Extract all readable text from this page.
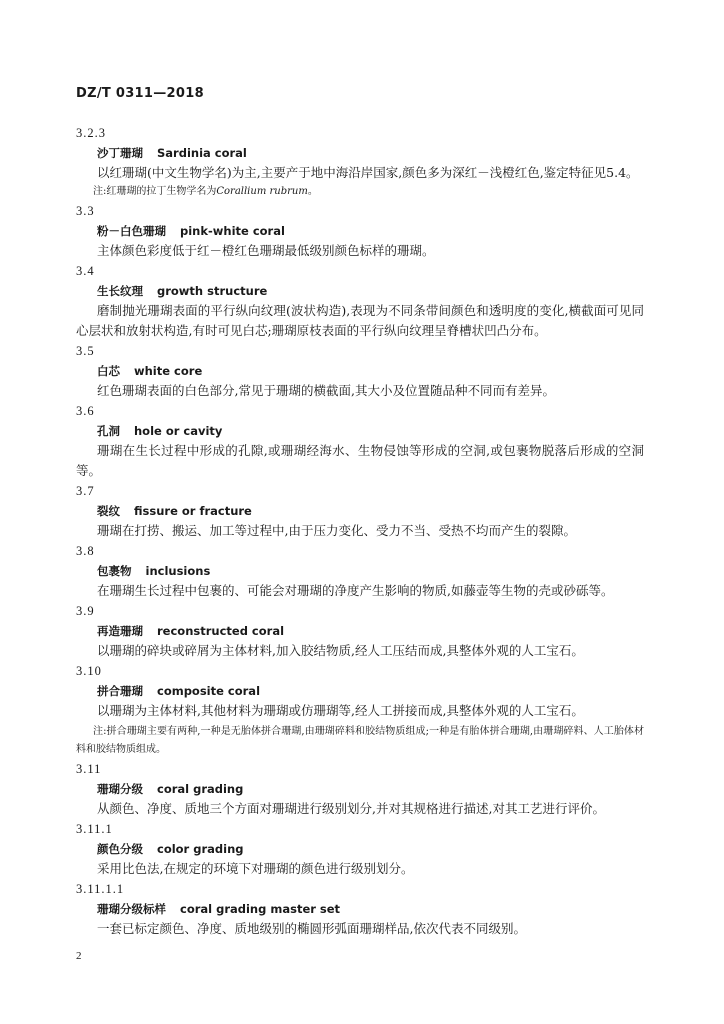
DZ/T 0311—2018
3.2.3
沙丁珊瑚 Sardinia coral
以红珊瑚(中文生物学名)为主,主要产于地中海沿岸国家,颜色多为深红－浅橙红色,鉴定特征见5.4。
注:红珊瑚的拉丁生物学名为Corallium rubrum。
3.3
粉－白色珊瑚 pink-white coral
主体颜色彩度低于红－橙红色珊瑚最低级别颜色标样的珊瑚。
3.4
生长纹理 growth structure
磨制抛光珊瑚表面的平行纵向纹理(波状构造),表现为不同条带间颜色和透明度的变化,横截面可见同心层状和放射状构造,有时可见白芯;珊瑚原枝表面的平行纵向纹理呈脊槽状凹凸分布。
3.5
白芯 white core
红色珊瑚表面的白色部分,常见于珊瑚的横截面,其大小及位置随品种不同而有差异。
3.6
孔洞 hole or cavity
珊瑚在生长过程中形成的孔隙,或珊瑚经海水、生物侵蚀等形成的空洞,或包裹物脱落后形成的空洞等。
3.7
裂纹 fissure or fracture
珊瑚在打捞、搬运、加工等过程中,由于压力变化、受力不当、受热不均而产生的裂隙。
3.8
包裹物 inclusions
在珊瑚生长过程中包裹的、可能会对珊瑚的净度产生影响的物质,如藤壶等生物的壳或砂砾等。
3.9
再造珊瑚 reconstructed coral
以珊瑚的碎块或碎屑为主体材料,加入胶结物质,经人工压结而成,具整体外观的人工宝石。
3.10
拼合珊瑚 composite coral
以珊瑚为主体材料,其他材料为珊瑚或仿珊瑚等,经人工拼接而成,具整体外观的人工宝石。
注:拼合珊瑚主要有两种,一种是无胎体拼合珊瑚,由珊瑚碎料和胶结物质组成;一种是有胎体拼合珊瑚,由珊瑚碎料、人工胎体材料和胶结物质组成。
3.11
珊瑚分级 coral grading
从颜色、净度、质地三个方面对珊瑚进行级别划分,并对其规格进行描述,对其工艺进行评价。
3.11.1
颜色分级 color grading
采用比色法,在规定的环境下对珊瑚的颜色进行级别划分。
3.11.1.1
珊瑚分级标样 coral grading master set
一套已标定颜色、净度、质地级别的椭圆形弧面珊瑚样品,依次代表不同级别。
2
